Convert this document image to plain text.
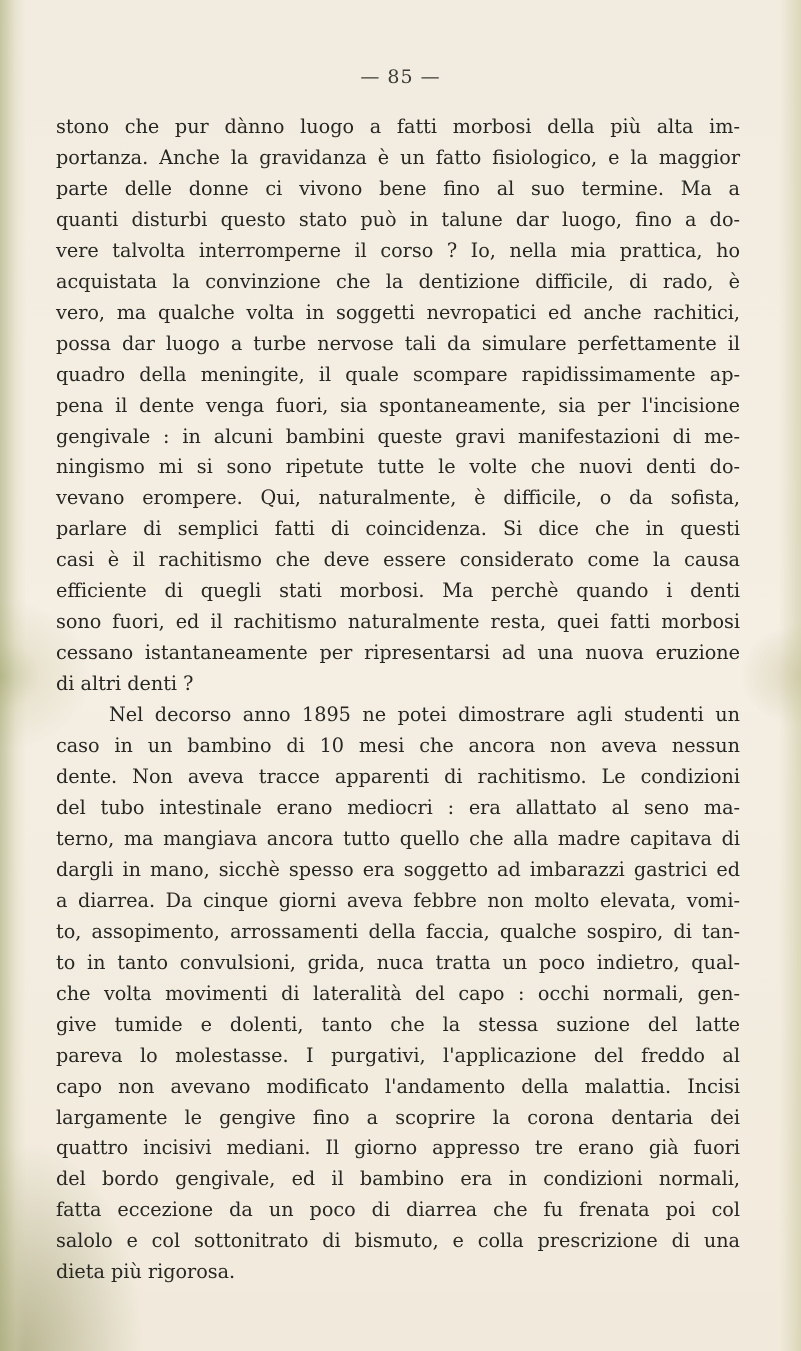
— 85 —

stono che pur dànno luogo a fatti morbosi della più alta im-

portanza. Anche la gravidanza è un fatto fisiologico, e la maggior

parte delle donne ci vivono bene fino al suo termine. Ma a

quanti disturbi questo stato può in talune dar luogo, fino a do-

vere talvolta interromperne il corso ? Io, nella mia prattica, ho

acquistata la convinzione che la dentizione difficile, di rado, è

vero, ma qualche volta in soggetti nevropatici ed anche rachitici,

possa dar luogo a turbe nervose tali da simulare perfettamente il

quadro della meningite, il quale scompare rapidissimamente ap-

pena il dente venga fuori, sia spontaneamente, sia per l'incisione

gengivale : in alcuni bambini queste gravi manifestazioni di me-

ningismo mi si sono ripetute tutte le volte che nuovi denti do-

vevano erompere. Qui, naturalmente, è difficile, o da sofista,

parlare di semplici fatti di coincidenza. Si dice che in questi

casi è il rachitismo che deve essere considerato come la causa

efficiente di quegli stati morbosi. Ma perchè quando i denti

sono fuori, ed il rachitismo naturalmente resta, quei fatti morbosi

cessano istantaneamente per ripresentarsi ad una nuova eruzione

di altri denti ?

Nel decorso anno 1895 ne potei dimostrare agli studenti un

caso in un bambino di 10 mesi che ancora non aveva nessun

dente. Non aveva tracce apparenti di rachitismo. Le condizioni

del tubo intestinale erano mediocri : era allattato al seno ma-

terno, ma mangiava ancora tutto quello che alla madre capitava di

dargli in mano, sicchè spesso era soggetto ad imbarazzi gastrici ed

a diarrea. Da cinque giorni aveva febbre non molto elevata, vomi-

to, assopimento, arrossamenti della faccia, qualche sospiro, di tan-

to in tanto convulsioni, grida, nuca tratta un poco indietro, qual-

che volta movimenti di lateralità del capo : occhi normali, gen-

give tumide e dolenti, tanto che la stessa suzione del latte

pareva lo molestasse. I purgativi, l'applicazione del freddo al

capo non avevano modificato l'andamento della malattia. Incisi

largamente le gengive fino a scoprire la corona dentaria dei

quattro incisivi mediani. Il giorno appresso tre erano già fuori

del bordo gengivale, ed il bambino era in condizioni normali,

fatta eccezione da un poco di diarrea che fu frenata poi col

salolo e col sottonitrato di bismuto, e colla prescrizione di una

dieta più rigorosa.
